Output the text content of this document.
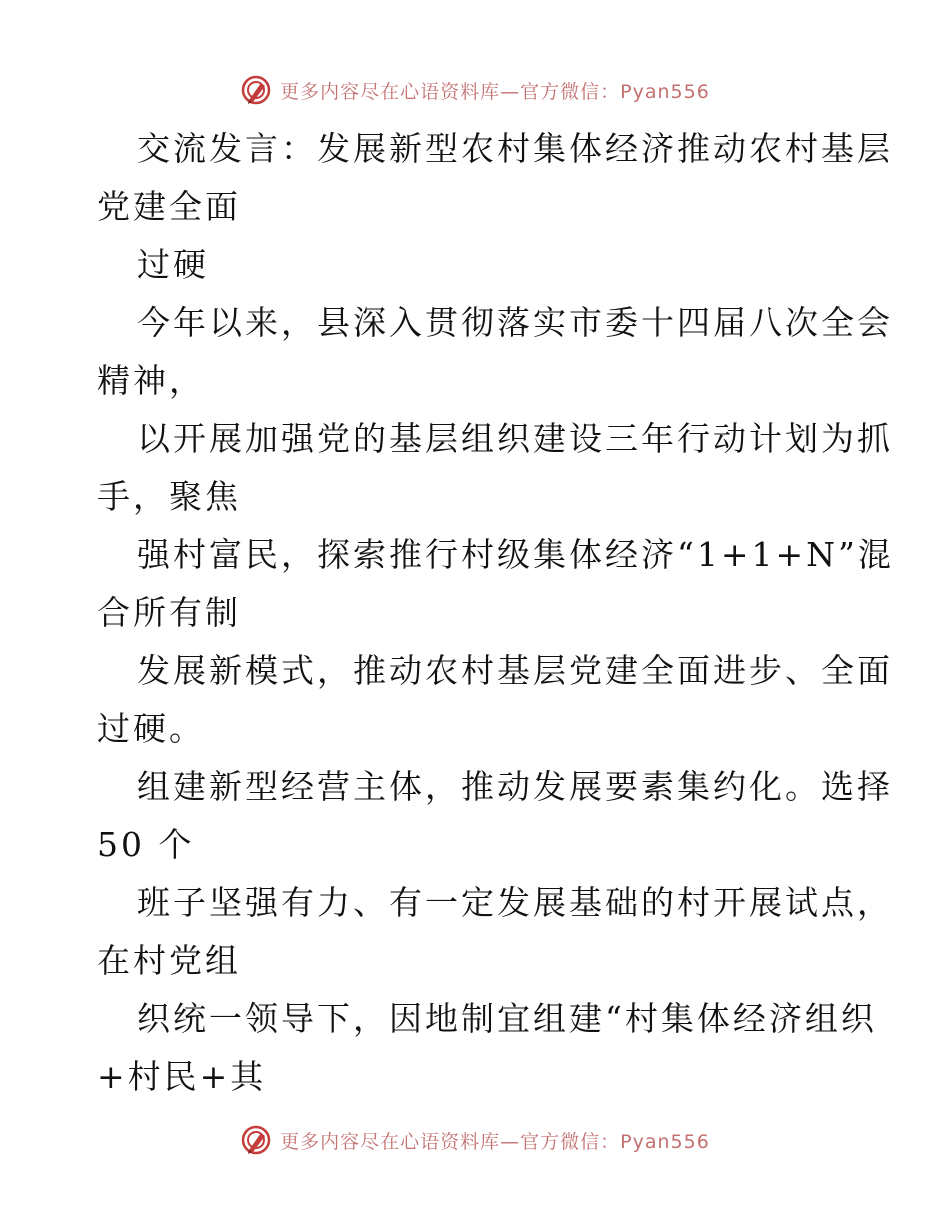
更多内容尽在心语资料库—官方微信：Pyan556
交流发言：发展新型农村集体经济推动农村基层
党建全面
过硬
今年以来，县深入贯彻落实市委十四届八次全会
精神，
以开展加强党的基层组织建设三年行动计划为抓
手，聚焦
强村富民，探索推行村级集体经济“1+1+N”混
合所有制
发展新模式，推动农村基层党建全面进步、全面
过硬。
组建新型经营主体，推动发展要素集约化。选择
50 个
班子坚强有力、有一定发展基础的村开展试点，
在村党组
织统一领导下，因地制宜组建“村集体经济组织
+村民+其
更多内容尽在心语资料库—官方微信：Pyan556
